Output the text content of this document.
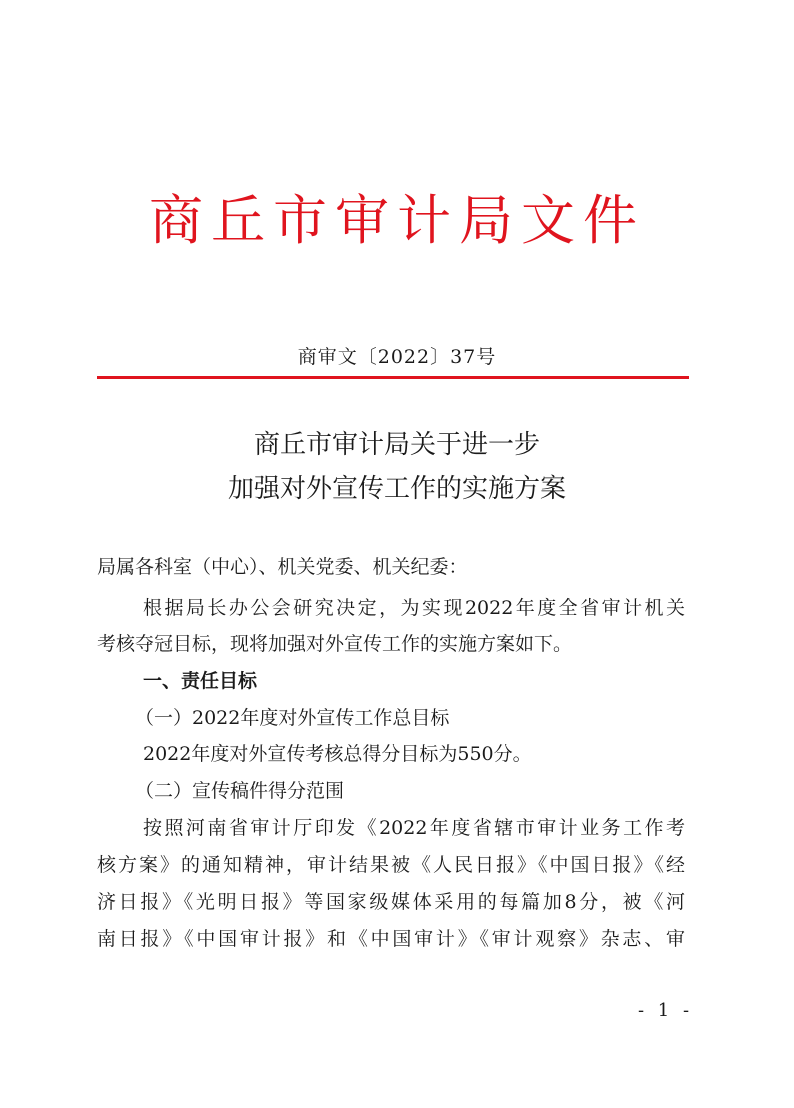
商丘市审计局文件
商审文〔2022〕37号
商丘市审计局关于进一步
加强对外宣传工作的实施方案
局属各科室（中心）、机关党委、机关纪委：
根据局长办公会研究决定，为实现2022年度全省审计机关
考核夺冠目标，现将加强对外宣传工作的实施方案如下。
一、责任目标
（一）2022年度对外宣传工作总目标
2022年度对外宣传考核总得分目标为550分。
（二）宣传稿件得分范围
按照河南省审计厅印发《2022年度省辖市审计业务工作考
核方案》的通知精神，审计结果被《人民日报》《中国日报》《经
济日报》《光明日报》等国家级媒体采用的每篇加8分，被《河
南日报》《中国审计报》和《中国审计》《审计观察》杂志、审
- 1 -
